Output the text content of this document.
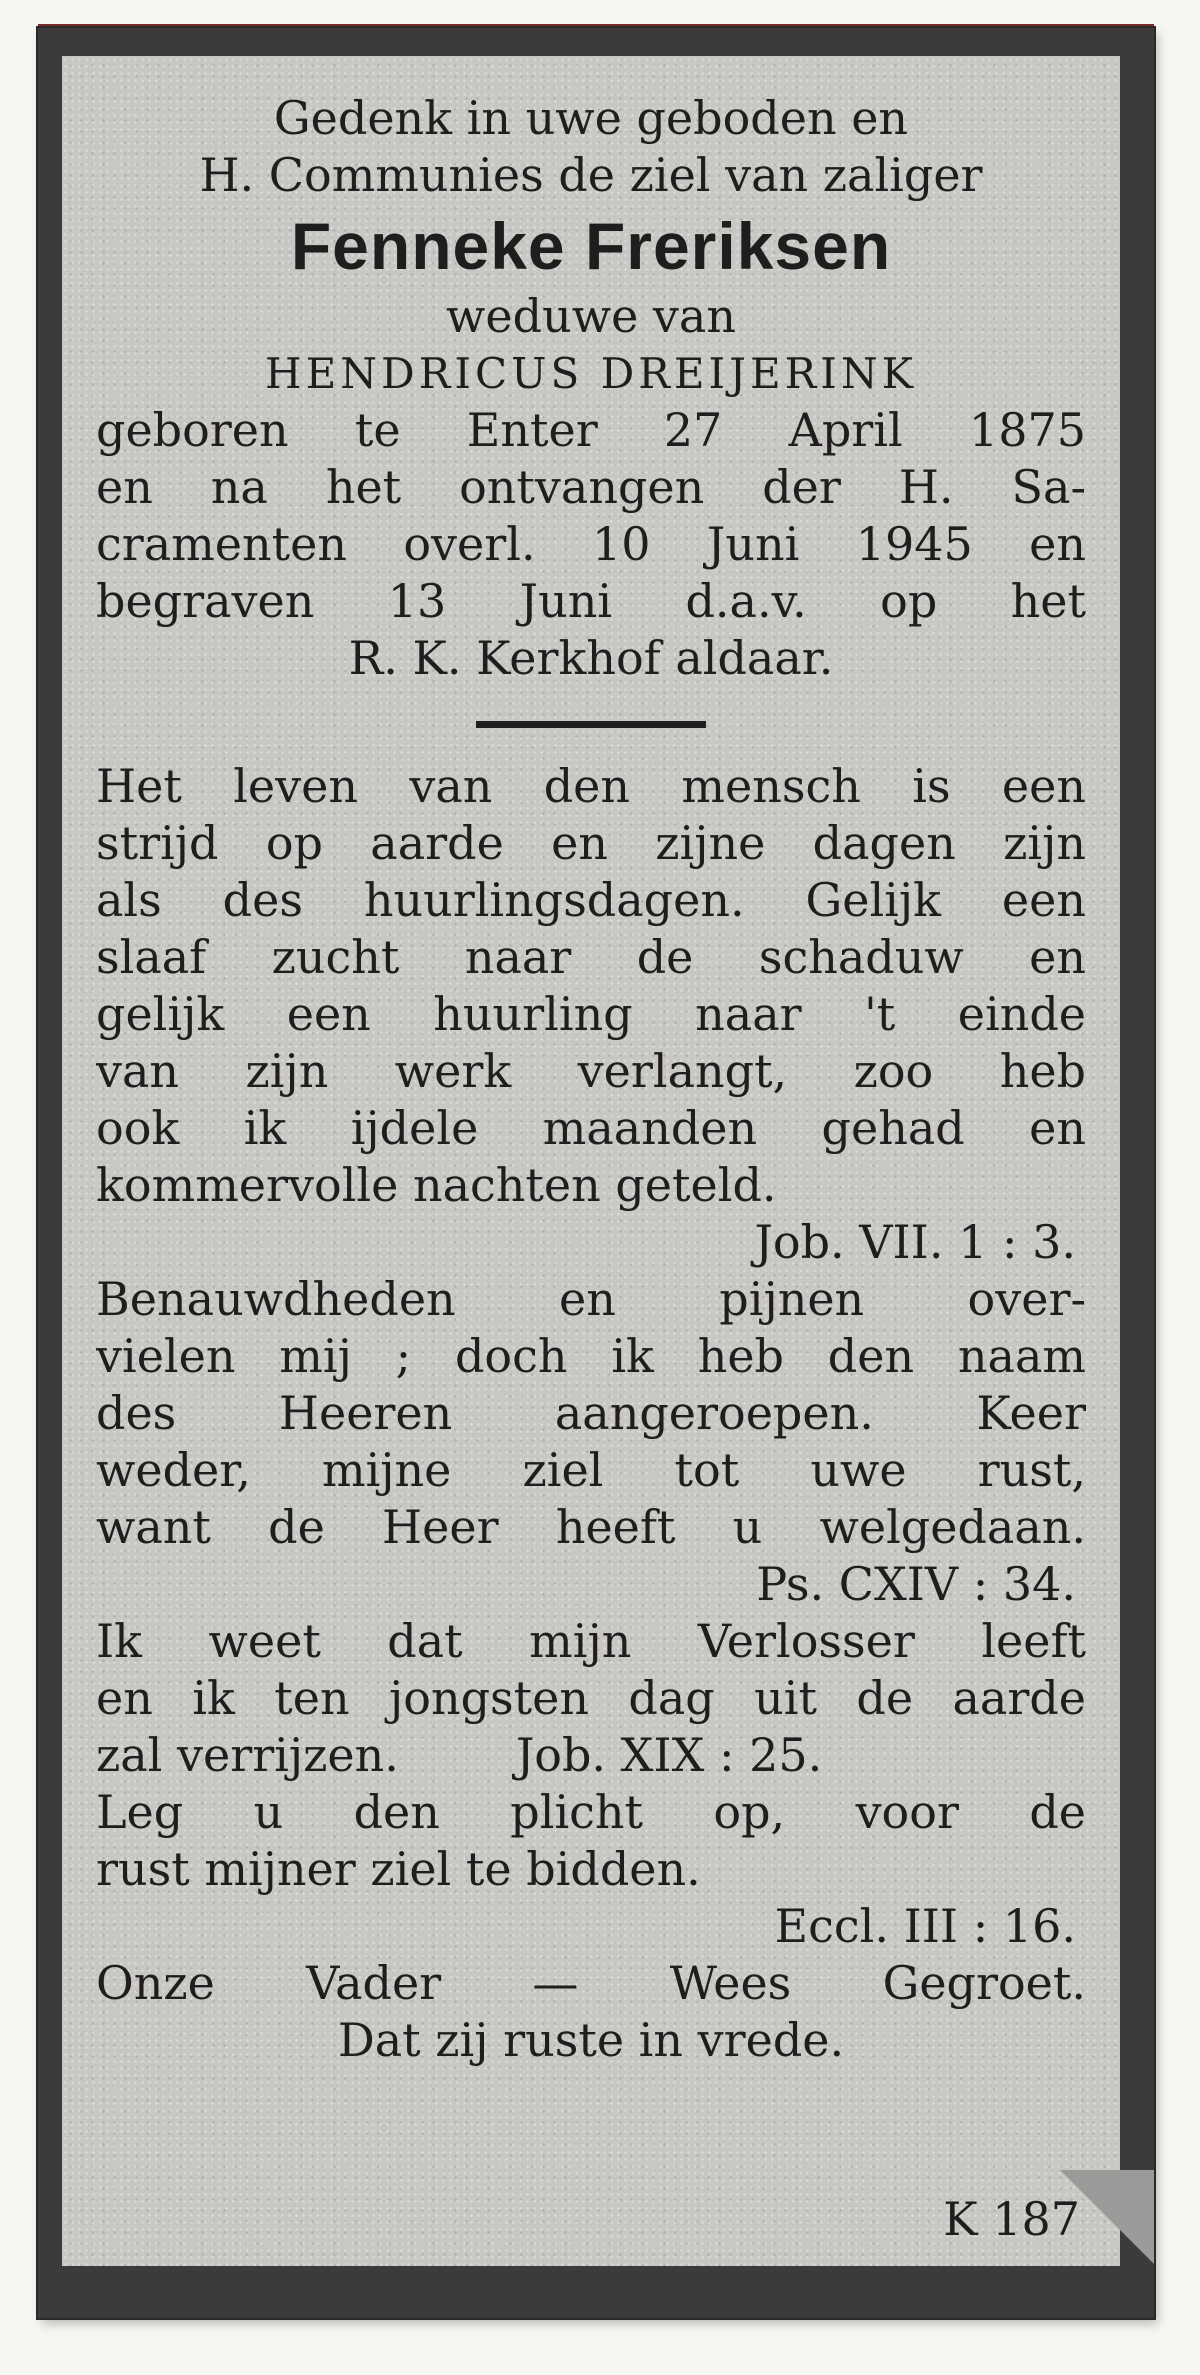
Gedenk in uwe geboden en

H. Communies de ziel van zaliger

Fenneke Freriksen

weduwe van

HENDRICUS DREIJERINK

geboren te Enter 27 April 1875

en na het ontvangen der H. Sa-

cramenten overl. 10 Juni 1945 en

begraven 13 Juni d.a.v. op het

R. K. Kerkhof aldaar.

Het leven van den mensch is een

strijd op aarde en zijne dagen zijn

als des huurlingsdagen. Gelijk een

slaaf zucht naar de schaduw en

gelijk een huurling naar 't einde

van zijn werk verlangt, zoo heb

ook ik ijdele maanden gehad en

kommervolle nachten geteld.

Job. VII. 1 : 3.

Benauwdheden en pijnen over-

vielen mij ; doch ik heb den naam

des Heeren aangeroepen. Keer

weder, mijne ziel tot uwe rust,

want de Heer heeft u welgedaan.

Ps. CXIV : 34.

Ik weet dat mijn Verlosser leeft

en ik ten jongsten dag uit de aarde

zal verrijzen.        Job. XIX : 25.

Leg u den plicht op, voor de

rust mijner ziel te bidden.

Eccl. III : 16.

Onze Vader — Wees Gegroet.

Dat zij ruste in vrede.

K 187
